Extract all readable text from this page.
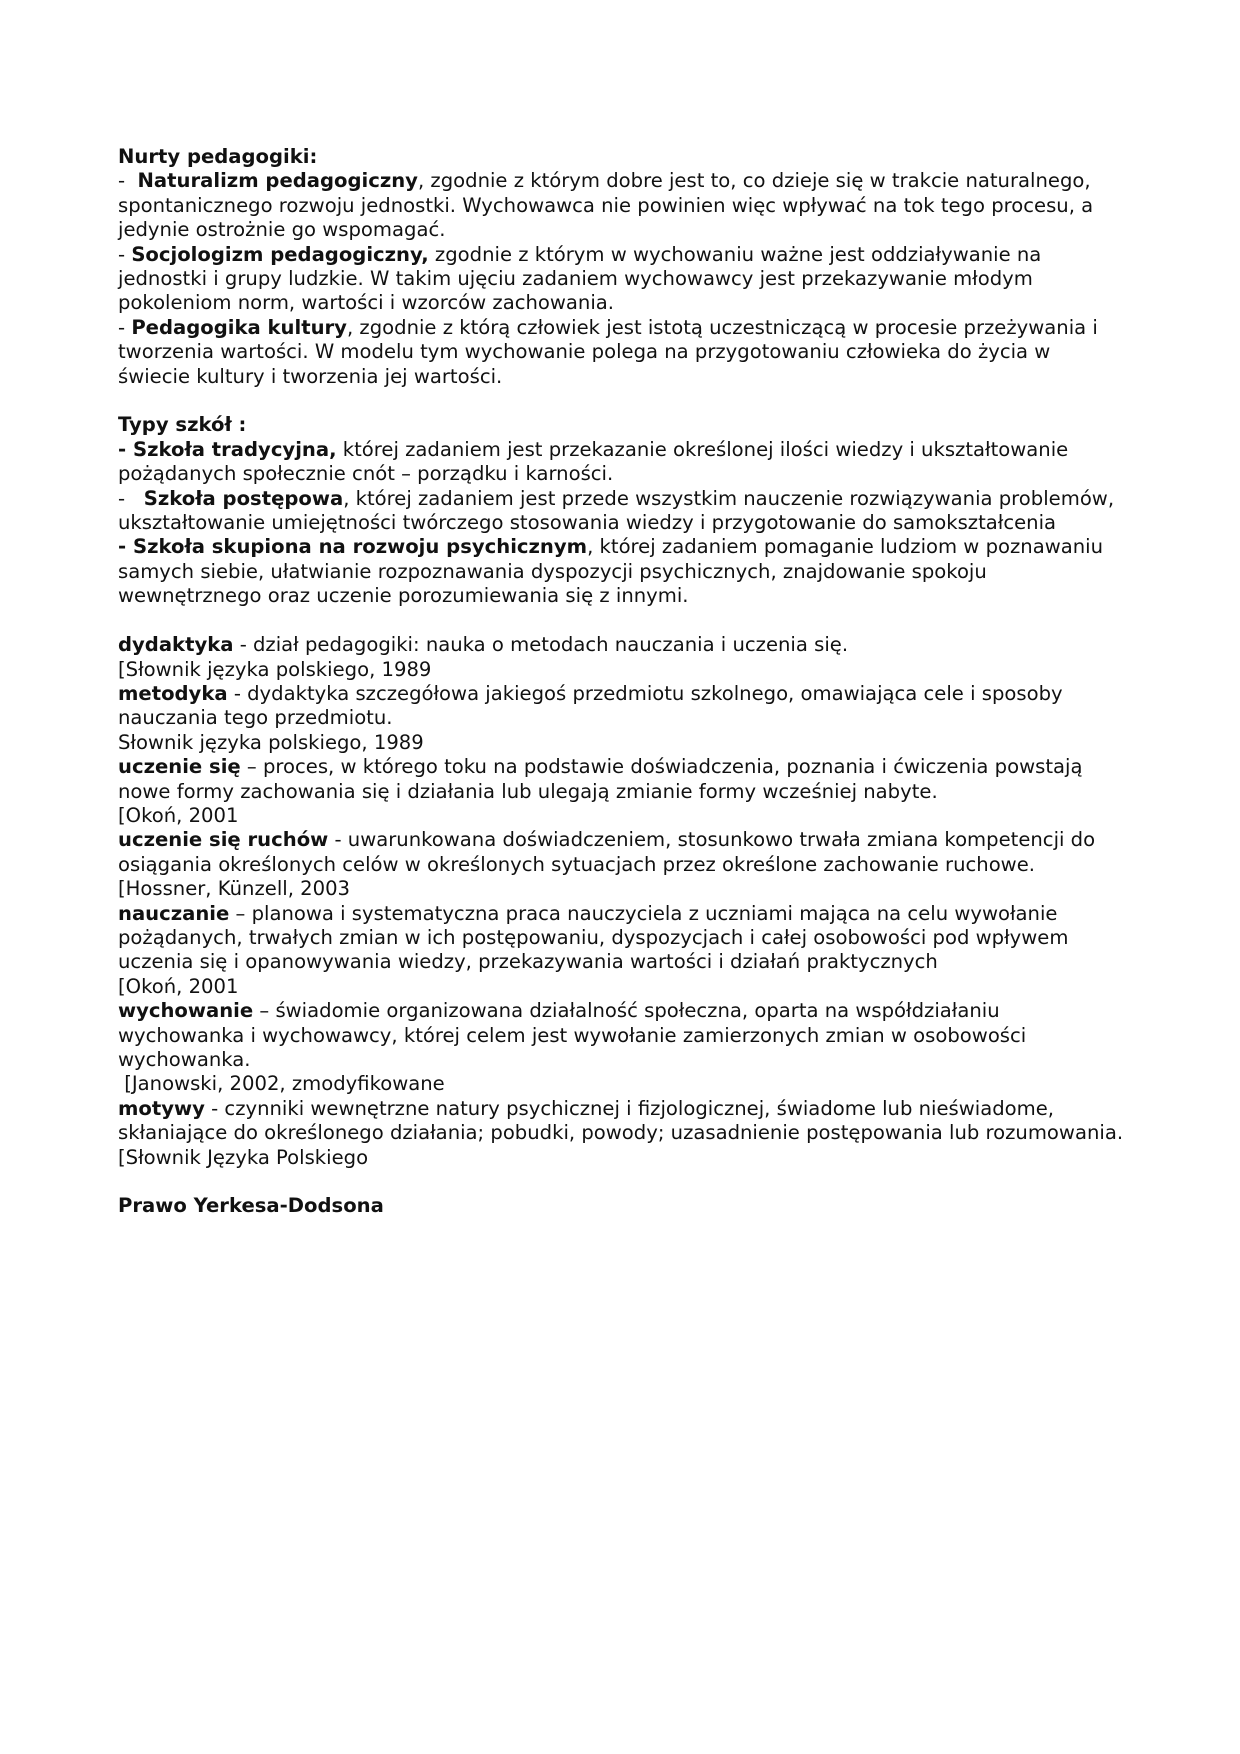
Nurty pedagogiki:

-  Naturalizm pedagogiczny, zgodnie z którym dobre jest to, co dzieje się w trakcie naturalnego, spontanicznego rozwoju jednostki. Wychowawca nie powinien więc wpływać na tok tego procesu, a jedynie ostrożnie go wspomagać.

- Socjologizm pedagogiczny, zgodnie z którym w wychowaniu ważne jest oddziaływanie na jednostki i grupy ludzkie. W takim ujęciu zadaniem wychowawcy jest przekazywanie młodym pokoleniom norm, wartości i wzorców zachowania.

- Pedagogika kultury, zgodnie z którą człowiek jest istotą uczestniczącą w procesie przeżywania i tworzenia wartości. W modelu tym wychowanie polega na przygotowaniu człowieka do życia w świecie kultury i tworzenia jej wartości.

Typy szkół :

- Szkoła tradycyjna, której zadaniem jest przekazanie określonej ilości wiedzy i ukształtowanie pożądanych społecznie cnót – porządku i karności.

-   Szkoła postępowa, której zadaniem jest przede wszystkim nauczenie rozwiązywania problemów, ukształtowanie umiejętności twórczego stosowania wiedzy i przygotowanie do samokształcenia

- Szkoła skupiona na rozwoju psychicznym, której zadaniem pomaganie ludziom w poznawaniu samych siebie, ułatwianie rozpoznawania dyspozycji psychicznych, znajdowanie spokoju wewnętrznego oraz uczenie porozumiewania się z innymi.

dydaktyka - dział pedagogiki: nauka o metodach nauczania i uczenia się.

[Słownik języka polskiego, 1989

metodyka - dydaktyka szczegółowa jakiegoś przedmiotu szkolnego, omawiająca cele i sposoby nauczania tego przedmiotu.

Słownik języka polskiego, 1989

uczenie się – proces, w którego toku na podstawie doświadczenia, poznania i ćwiczenia powstają nowe formy zachowania się i działania lub ulegają zmianie formy wcześniej nabyte.

[Okoń, 2001

uczenie się ruchów - uwarunkowana doświadczeniem, stosunkowo trwała zmiana kompetencji do osiągania określonych celów w określonych sytuacjach przez określone zachowanie ruchowe.

[Hossner, Künzell, 2003

nauczanie – planowa i systematyczna praca nauczyciela z uczniami mająca na celu wywołanie pożądanych, trwałych zmian w ich postępowaniu, dyspozycjach i całej osobowości pod wpływem uczenia się i opanowywania wiedzy, przekazywania wartości i działań praktycznych

[Okoń, 2001

wychowanie – świadomie organizowana działalność społeczna, oparta na współdziałaniu wychowanka i wychowawcy, której celem jest wywołanie zamierzonych zmian w osobowości wychowanka.

[Janowski, 2002, zmodyfikowane

motywy - czynniki wewnętrzne natury psychicznej i fizjologicznej, świadome lub nieświadome, skłaniające do określonego działania; pobudki, powody; uzasadnienie postępowania lub rozumowania.

[Słownik Języka Polskiego

Prawo Yerkesa-Dodsona
